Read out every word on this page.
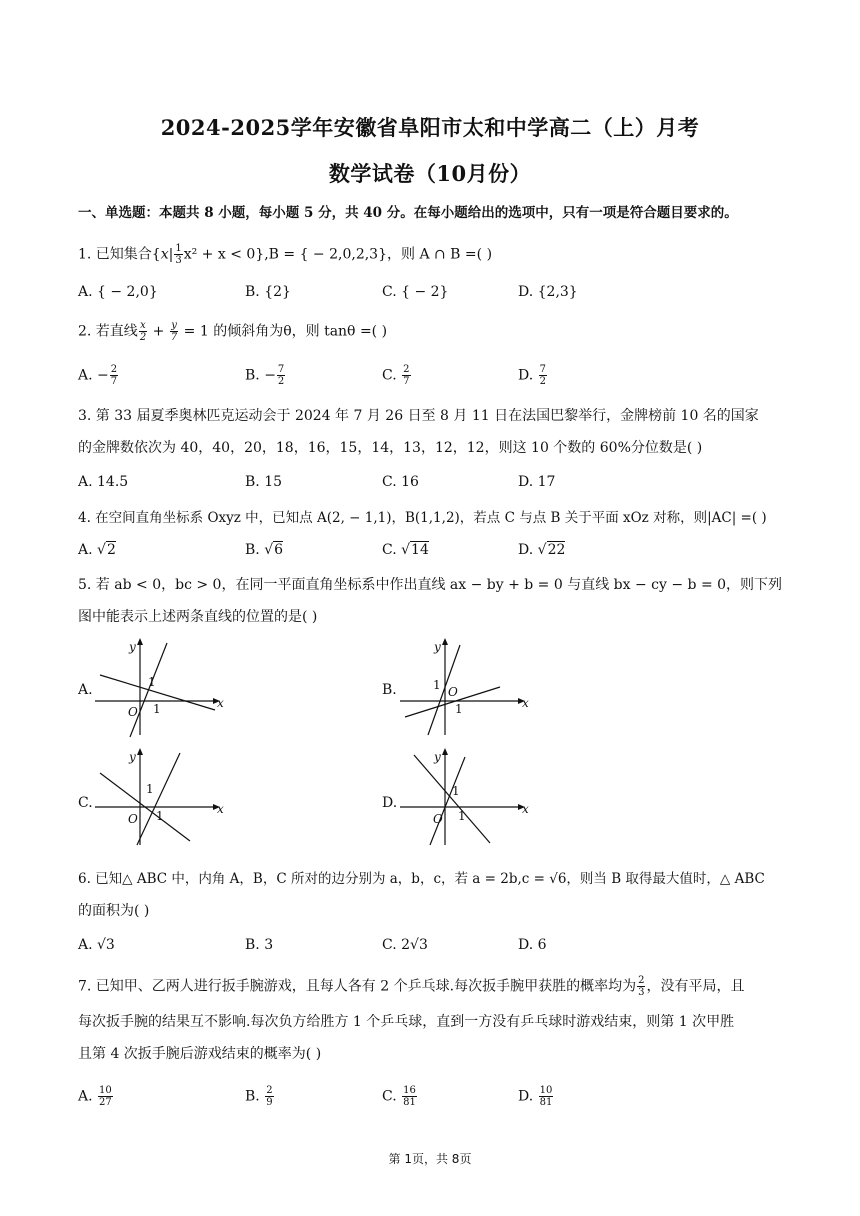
2024-2025学年安徽省阜阳市太和中学高二（上）月考
数学试卷（10月份）
一、单选题：本题共 8 小题，每小题 5 分，共 40 分。在每小题给出的选项中，只有一项是符合题目要求的。
1. 已知集合$\{x| \frac{1}{3} x^2 + x < 0\},B$ = { − 2,0,2,3}，则 A ∩ B =( )
A. { − 2,0}	B. {2}	C. { − 2}	D. {2,3}
2. 若直线 $\frac{x}{2} + \frac{y}{7} = 1$ 的倾斜角为θ，则 tanθ =( )
A. − $\frac{2}{7}$	B. − $\frac{7}{2}$	C. $\frac{2}{7}$	D. $\frac{7}{2}$
3. 第 33 届夏季奥林匹克运动会于 2024 年 7 月 26 日至 8 月 11 日在法国巴黎举行，金牌榜前 10 名的国家
的金牌数依次为 40，40，20，18，16，15，14，13，12，12，则这 10 个数的 60%分位数是( )
A. 14.5	B. 15	C. 16	D. 17
4. 在空间直角坐标系 Oxyz 中，已知点 A(2, − 1,1)，B(1,1,2)，若点 C 与点 B 关于平面 xOz 对称，则|AC| =( )
A. √2	B. √6	C. √14	D. √22
5. 若 ab < 0，bc > 0，在同一平面直角坐标系中作出直线 ax − by + b = 0 与直线 bx − cy − b = 0，则下列
图中能表示上述两条直线的位置的是( )
A.	B.
C.	D.
y
x
O
1
1
y
x
O
1
1
y
x
O
1
1
y
x
O
1
1
6. 已知△ ABC 中，内角 A，B，C 所对的边分别为 a，b，c，若 a = 2b,c = √6，则当 B 取得最大值时，△ ABC
的面积为( )
A. √3	B. 3	C. 2√3	D. 6
7. 已知甲、乙两人进行扳手腕游戏，且每人各有 2 个乒乓球.每次扳手腕甲获胜的概率均为 $\frac{2}{3}$ ，没有平局，且
每次扳手腕的结果互不影响.每次负方给胜方 1 个乒乓球，直到一方没有乒乓球时游戏结束，则第 1 次甲胜
且第 4 次扳手腕后游戏结束的概率为( )
A. $\frac{10}{27}$	B. $\frac{2}{9}$	C. $\frac{16}{81}$	D. $\frac{10}{81}$
第 1页，共 8页
